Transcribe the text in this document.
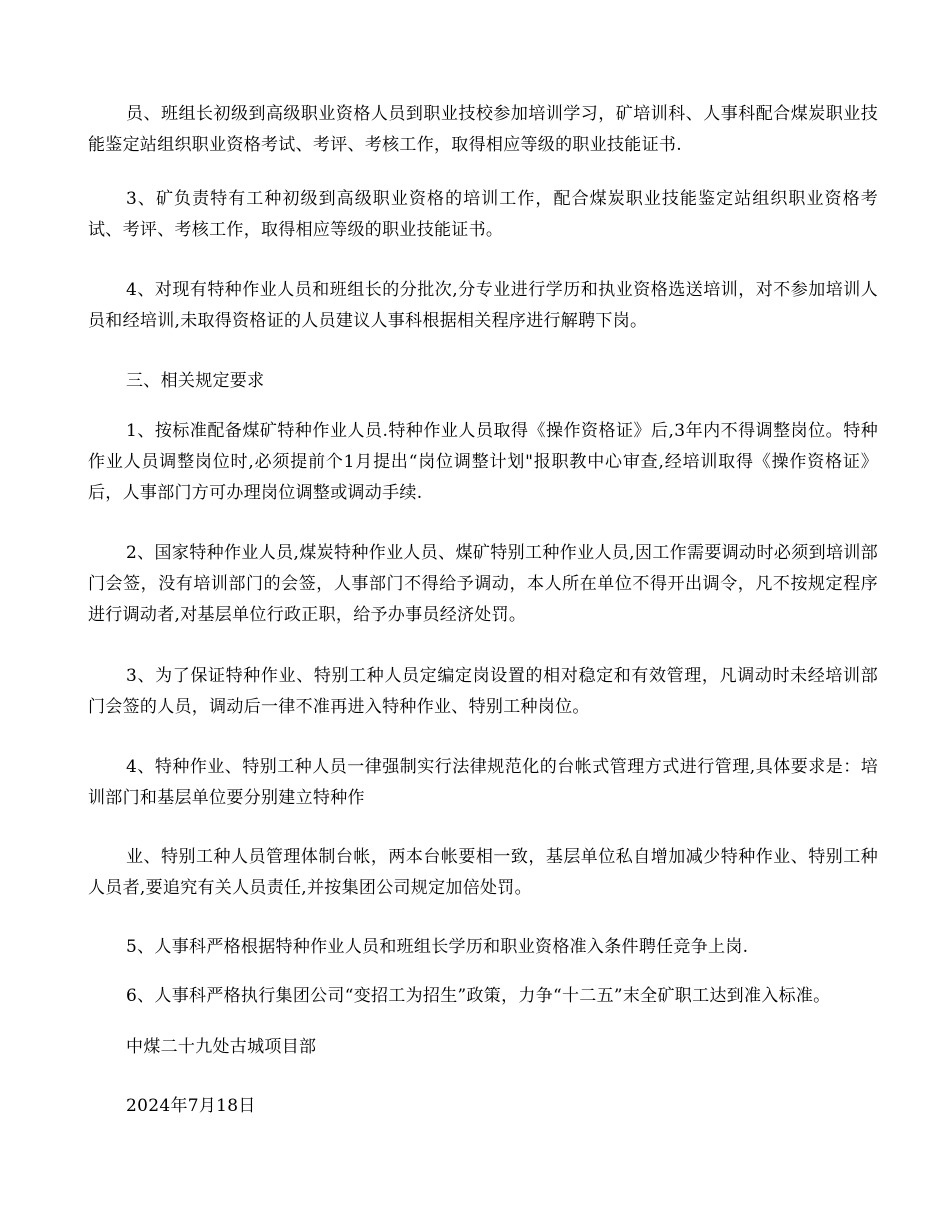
员、班组长初级到高级职业资格人员到职业技校参加培训学习，矿培训科、人事科配合煤炭职业技能鉴定站组织职业资格考试、考评、考核工作，取得相应等级的职业技能证书.

3、矿负责特有工种初级到高级职业资格的培训工作，配合煤炭职业技能鉴定站组织职业资格考试、考评、考核工作，取得相应等级的职业技能证书。

4、对现有特种作业人员和班组长的分批次,分专业进行学历和执业资格选送培训，对不参加培训人员和经培训,未取得资格证的人员建议人事科根据相关程序进行解聘下岗。

三、相关规定要求

1、按标准配备煤矿特种作业人员.特种作业人员取得《操作资格证》后,3年内不得调整岗位。特种作业人员调整岗位时,必须提前个1月提出“岗位调整计划"报职教中心审查,经培训取得《操作资格证》后，人事部门方可办理岗位调整或调动手续.

2、国家特种作业人员,煤炭特种作业人员、煤矿特别工种作业人员,因工作需要调动时必须到培训部门会签，没有培训部门的会签，人事部门不得给予调动，本人所在单位不得开出调令，凡不按规定程序进行调动者,对基层单位行政正职，给予办事员经济处罚。

3、为了保证特种作业、特别工种人员定编定岗设置的相对稳定和有效管理，凡调动时未经培训部门会签的人员，调动后一律不准再进入特种作业、特别工种岗位。

4、特种作业、特别工种人员一律强制实行法律规范化的台帐式管理方式进行管理,具体要求是：培训部门和基层单位要分别建立特种作

业、特别工种人员管理体制台帐，两本台帐要相一致，基层单位私自增加减少特种作业、特别工种人员者,要追究有关人员责任,并按集团公司规定加倍处罚。

5、人事科严格根据特种作业人员和班组长学历和职业资格准入条件聘任竞争上岗.

6、人事科严格执行集团公司“变招工为招生”政策，力争“十二五”末全矿职工达到准入标准。

中煤二十九处古城项目部

2024年7月18日
